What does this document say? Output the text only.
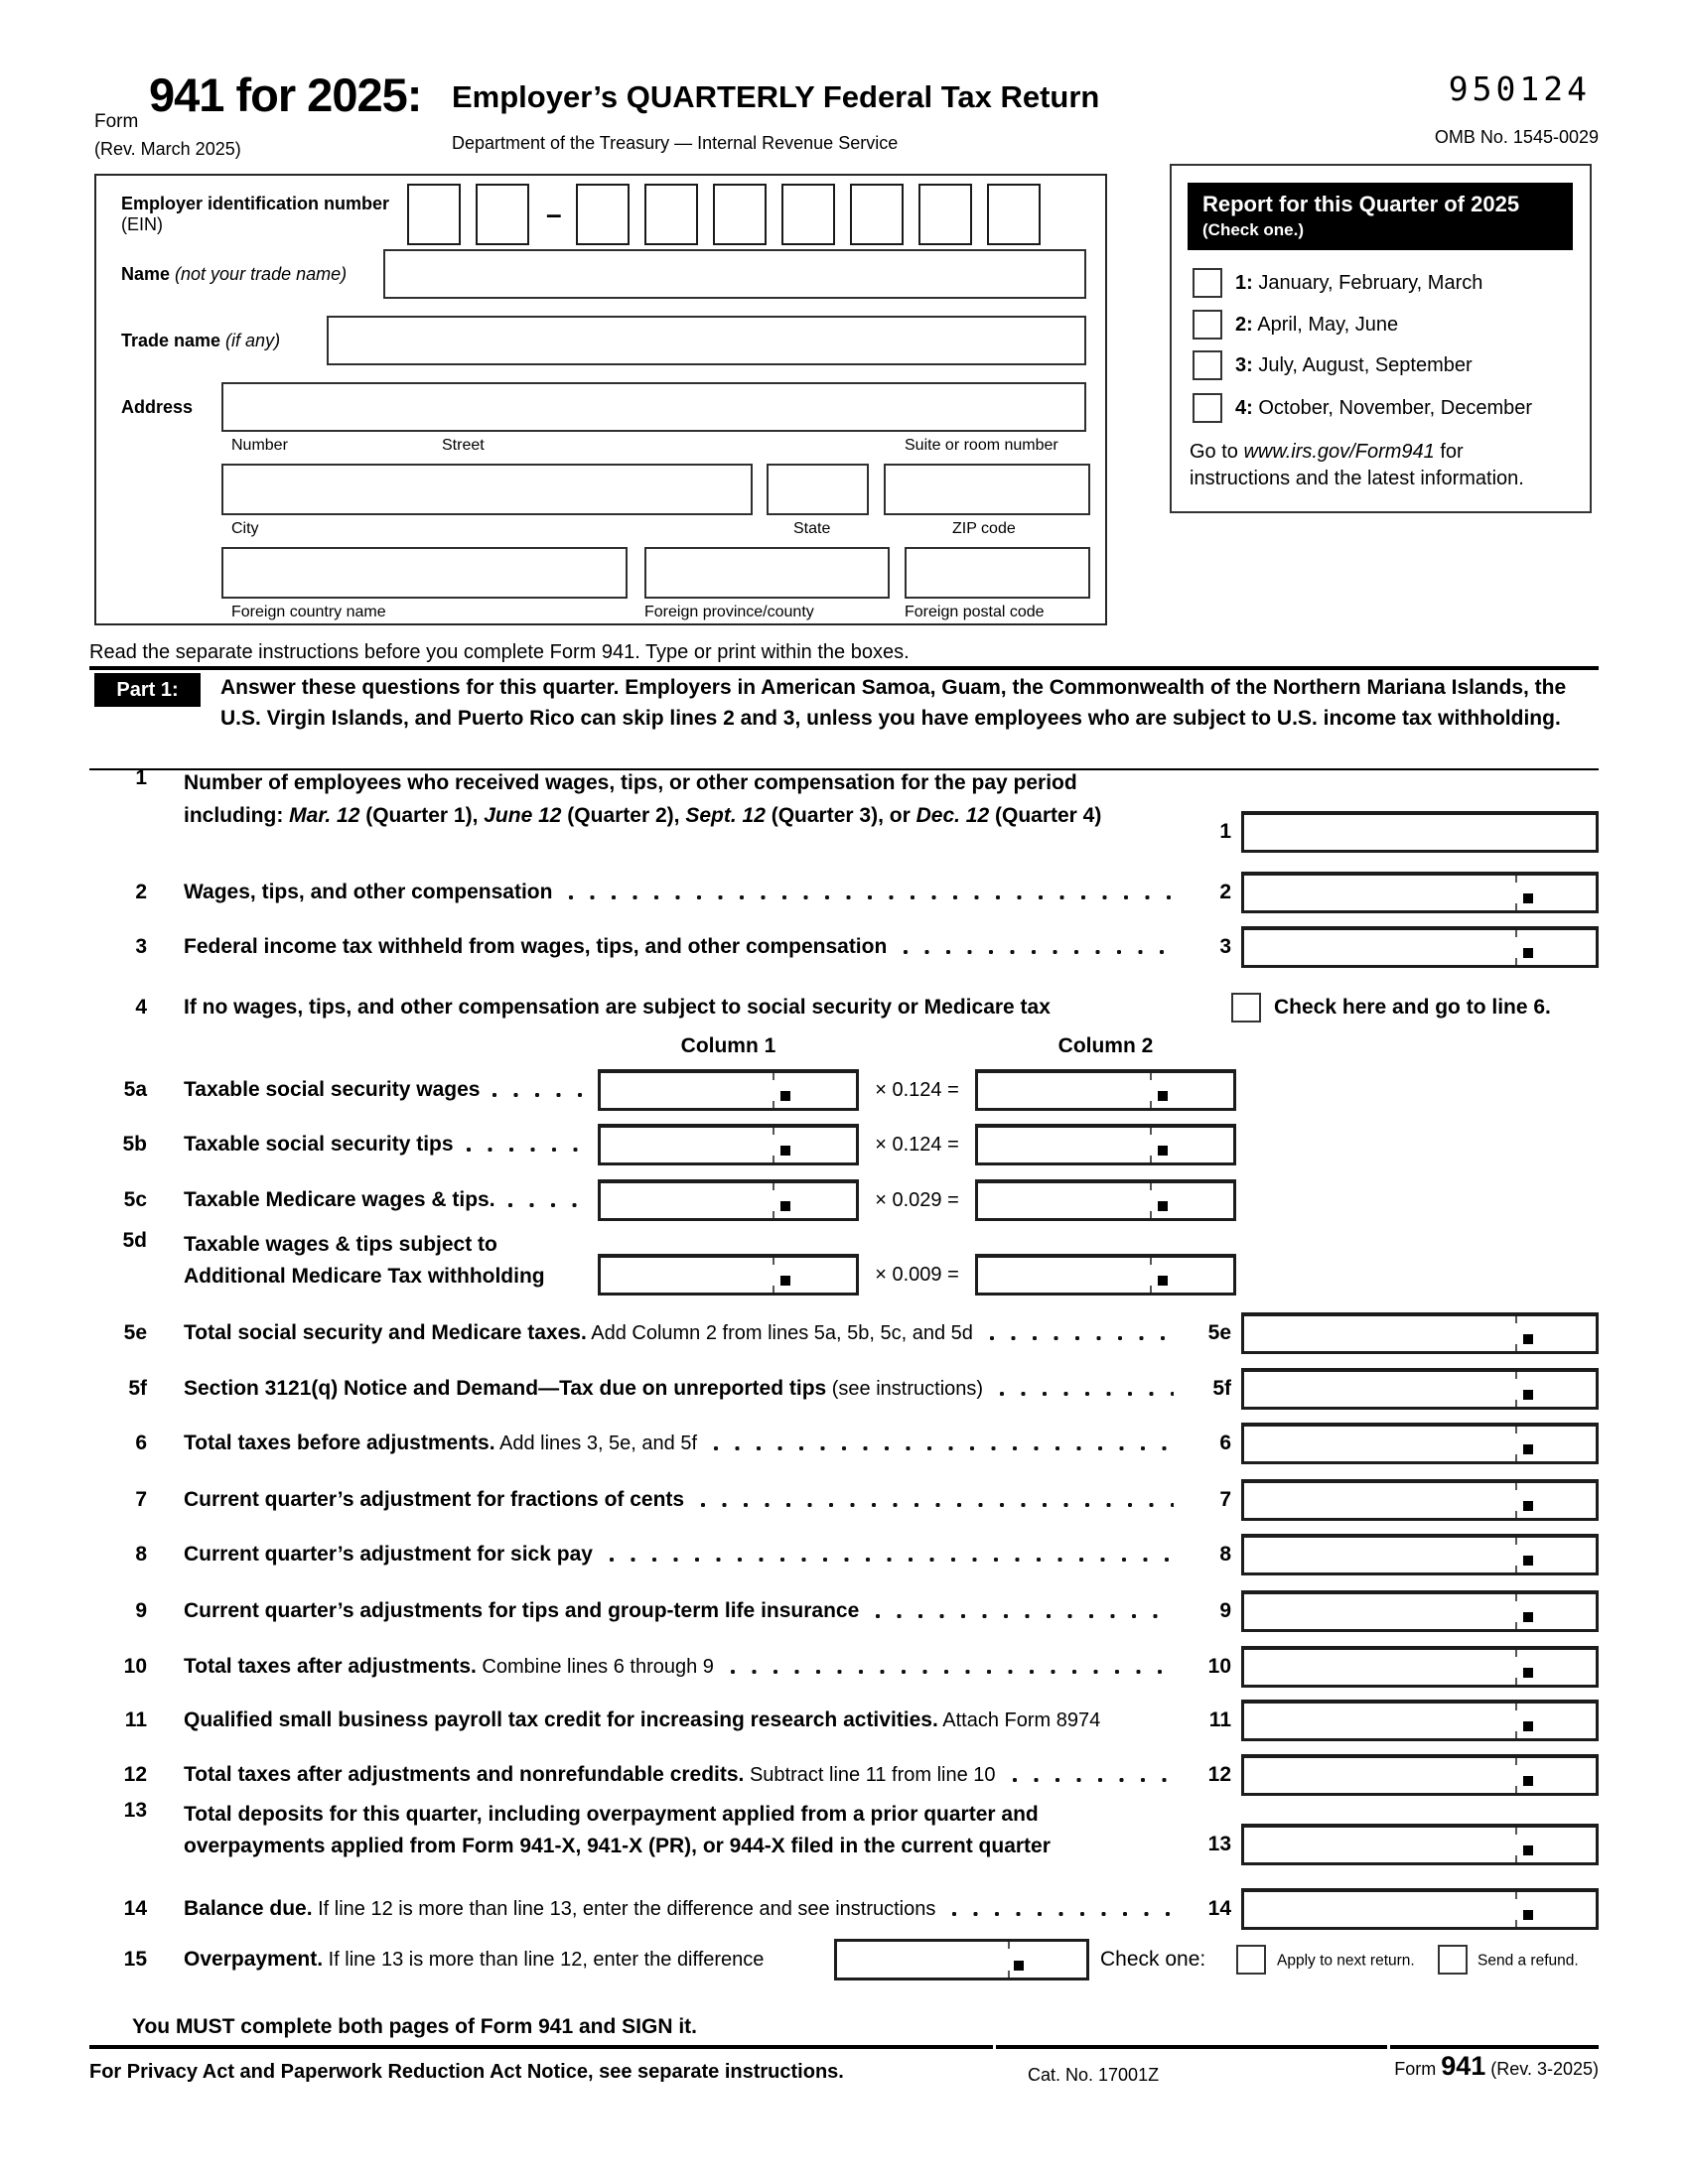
Form
941 for 2025:
(Rev. March 2025)
Employer’s QUARTERLY Federal Tax Return
Department of the Treasury — Internal Revenue Service
950124
OMB No. 1545-0029
Employer identification number (EIN)	–
Name (not your trade name)
Trade name (if any)
Address
Number	Street	Suite or room number
City	State	ZIP code
Foreign country name	Foreign province/county	Foreign postal code
Report for this Quarter of 2025
(Check one.)
1: January, February, March
2: April, May, June
3: July, August, September
4: October, November, December
Go to www.irs.gov/Form941 for
instructions and the latest information.
Read the separate instructions before you complete Form 941. Type or print within the boxes.
Part 1:	Answer these questions for this quarter. Employers in American Samoa, Guam, the Commonwealth of the Northern Mariana Islands, the U.S. Virgin Islands, and Puerto Rico can skip lines 2 and 3, unless you have employees who are subject to U.S. income tax withholding.
1 Number of employees who received wages, tips, or other compensation for the pay period
including: Mar. 12 (Quarter 1), June 12 (Quarter 2), Sept. 12 (Quarter 3), or Dec. 12 (Quarter 4)
1
2 Wages, tips, and other compensation	2
3 Federal income tax withheld from wages, tips, and other compensation	3
4 If no wages, tips, and other compensation are subject to social security or Medicare tax	Check here and go to line 6.
Column 1	Column 2
5a Taxable social security wages	× 0.124 =
5b Taxable social security tips	× 0.124 =
5c Taxable Medicare wages & tips.	× 0.029 =
5d Taxable wages & tips subject to
Additional Medicare Tax withholding	× 0.009 =
5e Total social security and Medicare taxes. Add Column 2 from lines 5a, 5b, 5c, and 5d	5e
5f Section 3121(q) Notice and Demand—Tax due on unreported tips (see instructions)	5f
6 Total taxes before adjustments. Add lines 3, 5e, and 5f	6
7 Current quarter’s adjustment for fractions of cents	7
8 Current quarter’s adjustment for sick pay	8
9 Current quarter’s adjustments for tips and group-term life insurance	9
10 Total taxes after adjustments. Combine lines 6 through 9	10
11 Qualified small business payroll tax credit for increasing research activities. Attach Form 8974	11
12 Total taxes after adjustments and nonrefundable credits. Subtract line 11 from line 10	12
13 Total deposits for this quarter, including overpayment applied from a prior quarter and
overpayments applied from Form 941-X, 941-X (PR), or 944-X filed in the current quarter	13
14 Balance due. If line 12 is more than line 13, enter the difference and see instructions	14
15 Overpayment. If line 13 is more than line 12, enter the difference	Check one:	Apply to next return.	Send a refund.
You MUST complete both pages of Form 941 and SIGN it.
For Privacy Act and Paperwork Reduction Act Notice, see separate instructions.	Cat. No. 17001Z	Form 941 (Rev. 3-2025)
